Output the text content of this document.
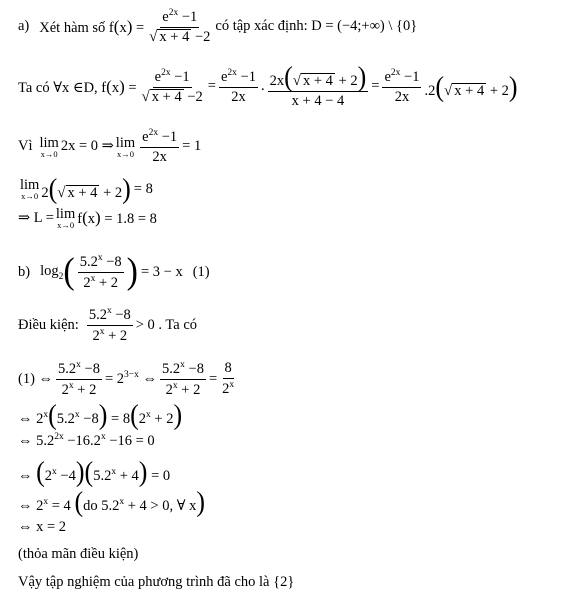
a) Xét hàm số $f(x) = \frac{e^{2x} -1}{√ x + 4 -2}$ có tập xác định: D = (−4;+∞) \ {0}
Ta có ∀x ∈D, $f(x) = \frac{e^{2x} -1}{√ x + 4 -2} = \frac{e^{2x} -1}{2x}$ . $\frac{2x(√ x + 4 + 2)}{x + 4 - 4} = \frac{e^{2x} -1}{2x} .2(√$ x + 4 + 2)
Vì lim
x→0 2x = 0 ⇒ lim
$x\to 0 \frac{e^{2x} -1}{2x} = 1$
lim
x→0 2(√ x + 4 + 2) = 8
⇒ L = lim
x→0 f(x) = 1.8 = 8
b) $\log_2$ ( $\frac{5.2^x -8}{2^x + 2}$ ) = 3 − x (1)
Điều kiện: $\frac{5.2^x -8}{2^x + 2} > 0$ . Ta có
(1) ⇔ $\frac{5.2^x -8}{2^x + 2} = 2^{3-x}$ ⇔ $\frac{5.2^x -8}{2^x + 2} = \frac{8}{2^x}$
⇔ $2^x(5.2^x -8) = 8(2^x + 2)$
⇔ $5.2^{2x} -16.2^x -16 = 0$
⇔ $(2^x -4)(5.2^x + 4) = 0$
⇔ $2^x = 4$ (do $5.2^x + 4 > 0$, ∀ x)
⇔ x = 2
(thỏa mãn điều kiện)
Vậy tập nghiệm của phương trình đã cho là {2}
